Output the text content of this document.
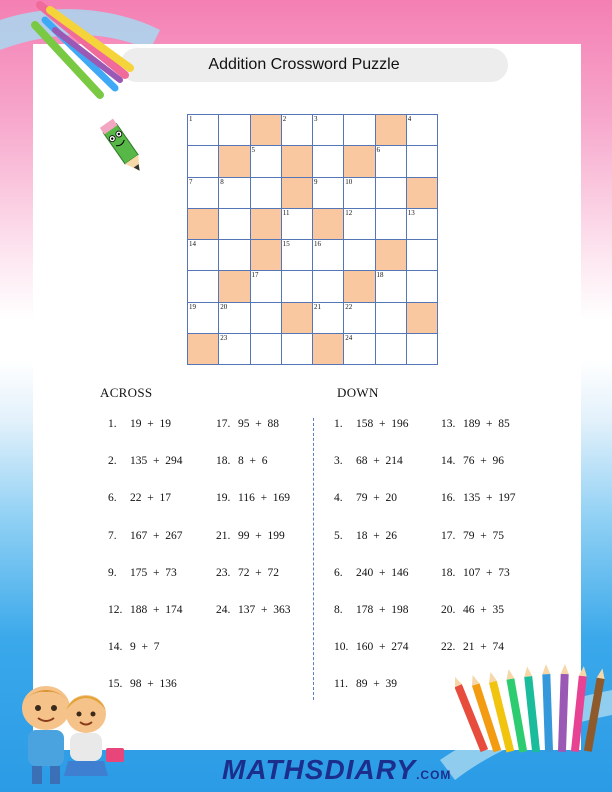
Addition Crossword Puzzle
1	2	3	4
5	6
7	8	9	10
11	12	13
14	15	16
17	18
19	20	21	22
23	24
ACROSS	DOWN
1. 19  +  19
2. 135  +  294
6. 22  +  17
7. 167  +  267
9. 175  +  73
12. 188  +  174
14. 9  +  7
15. 98  +  136
17. 95  +  88
18. 8  +  6
19. 116  +  169
21. 99  +  199
23. 72  +  72
24. 137  +  363
1. 158  +  196
3. 68  +  214
4. 79  +  20
5. 18  +  26
6. 240  +  146
8. 178  +  198
10. 160  +  274
11. 89  +  39
13. 189  +  85
14. 76  +  96
16. 135  +  197
17. 79  +  75
18. 107  +  73
20. 46  +  35
22. 21  +  74
MATHSDIARY.COM
